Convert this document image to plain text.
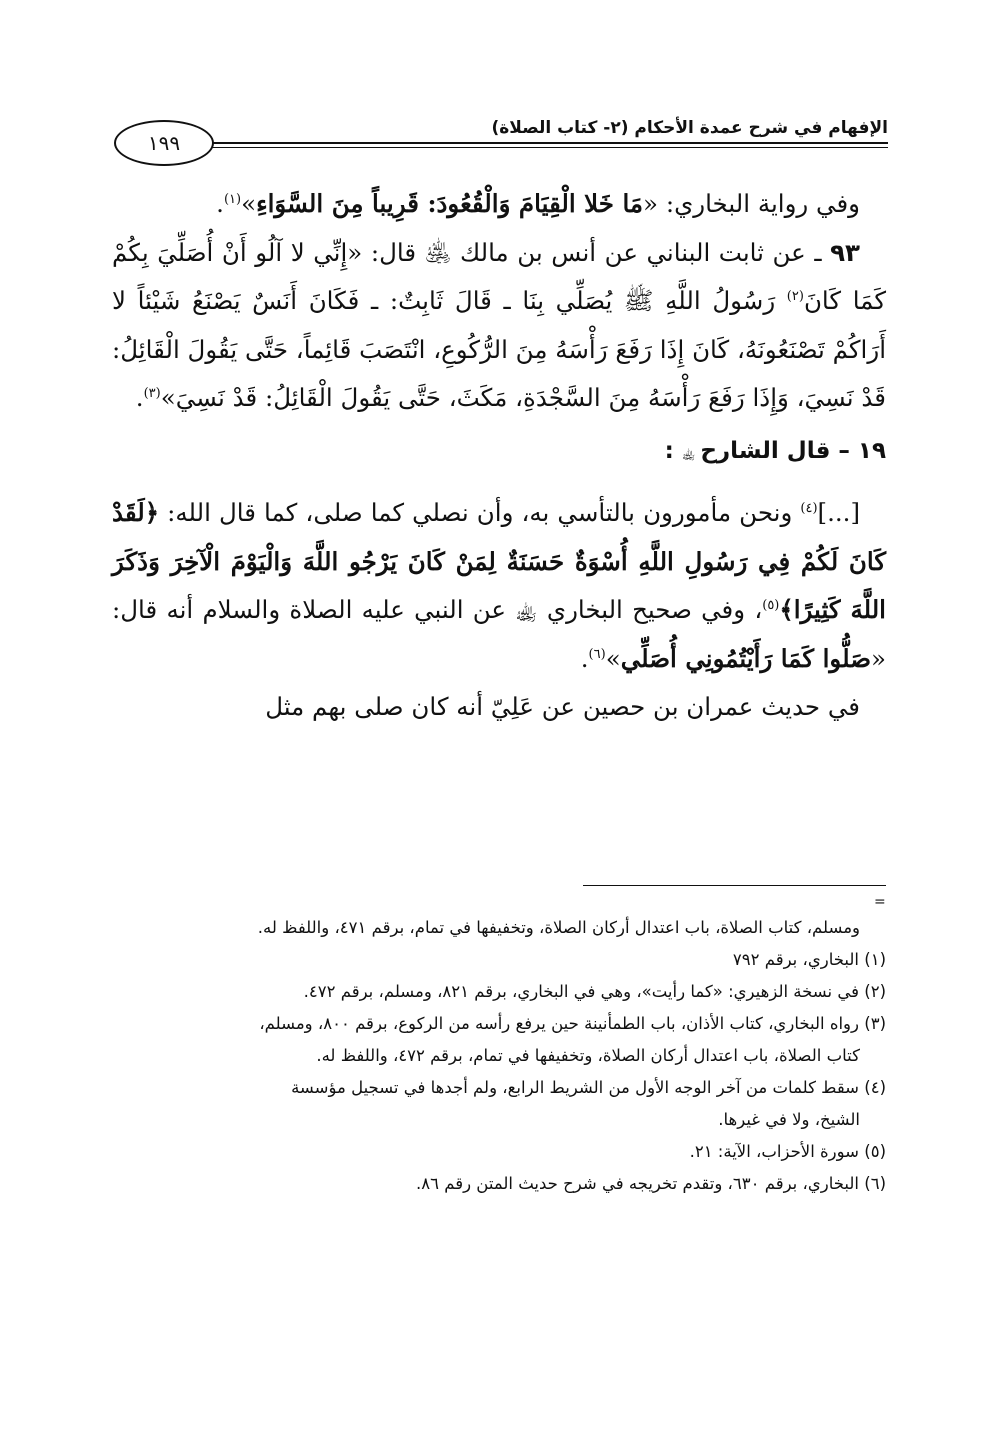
الإفهام في شرح عمدة الأحكام (٢- كتاب الصلاة)
١٩٩

وفي رواية البخاري: «مَا خَلا الْقِيَامَ وَالْقُعُودَ: قَرِيباً مِنَ السَّوَاءِ»$^{(١)}$.

٩٣ ـ عن ثابت البناني عن أنس بن مالك ﵁ قال: «إِنِّي لا آلُو أَنْ أُصَلِّيَ بِكُمْ كَمَا كَانَ$^{(٢)}$ رَسُولُ اللَّهِ ﷺ يُصَلِّي بِنَا ـ قَالَ ثَابِتٌ: ـ فَكَانَ أَنَسٌ يَصْنَعُ شَيْئاً لا أَرَاكُمْ تَصْنَعُونَهُ، كَانَ إِذَا رَفَعَ رَأْسَهُ مِنَ الرُّكُوعِ، انْتَصَبَ قَائِماً، حَتَّى يَقُولَ الْقَائِلُ: قَدْ نَسِيَ، وَإِذَا رَفَعَ رَأْسَهُ مِنَ السَّجْدَةِ، مَكَثَ، حَتَّى يَقُولَ الْقَائِلُ: قَدْ نَسِيَ»$^{(٣)}$.

١٩ – قال الشارح ﵀ :

[...]$^{(٤)}$ ونحن مأمورون بالتأسي به، وأن نصلي كما صلى، كما قال الله: ﴿لَقَدْ كَانَ لَكُمْ فِي رَسُولِ اللَّهِ أُسْوَةٌ حَسَنَةٌ لِمَنْ كَانَ يَرْجُو اللَّهَ وَالْيَوْمَ الْآخِرَ وَذَكَرَ اللَّهَ كَثِيرًا﴾$^{(٥)}$، وفي صحيح البخاري ﵀ عن النبي عليه الصلاة والسلام أنه قال: «صَلُّوا كَمَا رَأَيْتُمُونِي أُصَلِّي»$^{(٦)}$.

في حديث عمران بن حصين عن عَلِيّ أنه كان صلى بهم مثل

=

ومسلم، كتاب الصلاة، باب اعتدال أركان الصلاة، وتخفيفها في تمام، برقم ٤٧١، واللفظ له.

(١) البخاري، برقم ٧٩٢

(٢) في نسخة الزهيري: «كما رأيت»، وهي في البخاري، برقم ٨٢١، ومسلم، برقم ٤٧٢.

(٣) رواه البخاري، كتاب الأذان، باب الطمأنينة حين يرفع رأسه من الركوع، برقم ٨٠٠، ومسلم،

كتاب الصلاة، باب اعتدال أركان الصلاة، وتخفيفها في تمام، برقم ٤٧٢، واللفظ له.

(٤) سقط كلمات من آخر الوجه الأول من الشريط الرابع، ولم أجدها في تسجيل مؤسسة

الشيخ، ولا في غيرها.

(٥) سورة الأحزاب، الآية: ٢١.

(٦) البخاري، برقم ٦٣٠، وتقدم تخريجه في شرح حديث المتن رقم ٨٦.
